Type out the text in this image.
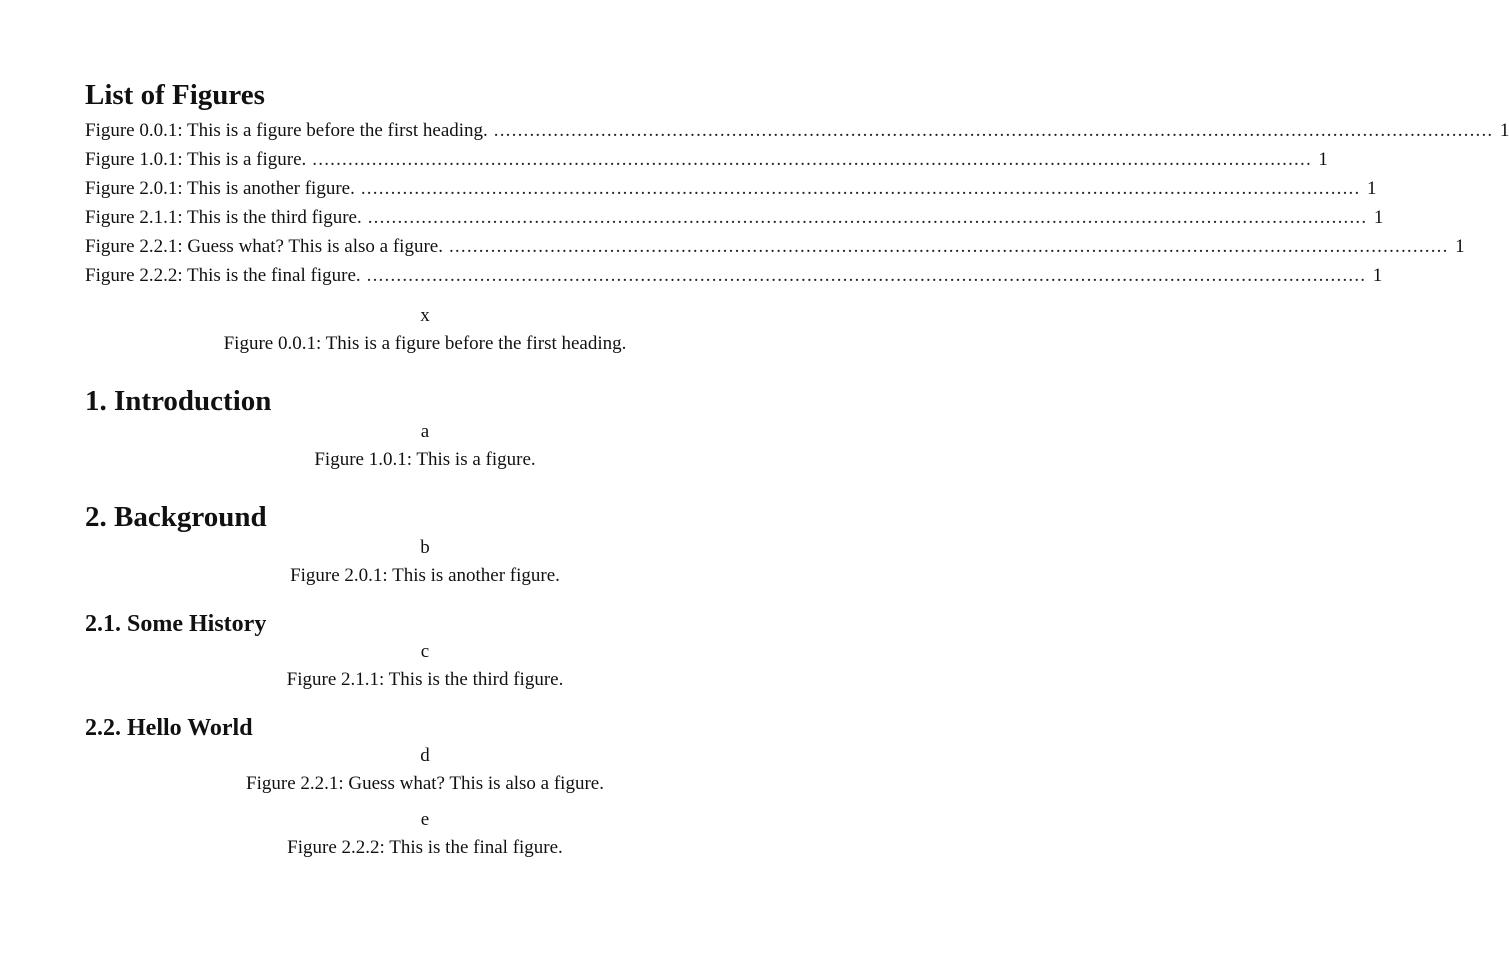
List of Figures
Figure 0.0.1: This is a figure before the first heading. ........................................................................................................................................................................ 1
Figure 1.0.1: This is a figure. ........................................................................................................................................................................ 1
Figure 2.0.1: This is another figure. ........................................................................................................................................................................ 1
Figure 2.1.1: This is the third figure. ........................................................................................................................................................................ 1
Figure 2.2.1: Guess what? This is also a figure. ........................................................................................................................................................................ 1
Figure 2.2.2: This is the final figure. ........................................................................................................................................................................ 1
x
Figure 0.0.1: This is a figure before the first heading.
1. Introduction
a
Figure 1.0.1: This is a figure.
2. Background
b
Figure 2.0.1: This is another figure.
2.1. Some History
c
Figure 2.1.1: This is the third figure.
2.2. Hello World
d
Figure 2.2.1: Guess what? This is also a figure.
e
Figure 2.2.2: This is the final figure.
